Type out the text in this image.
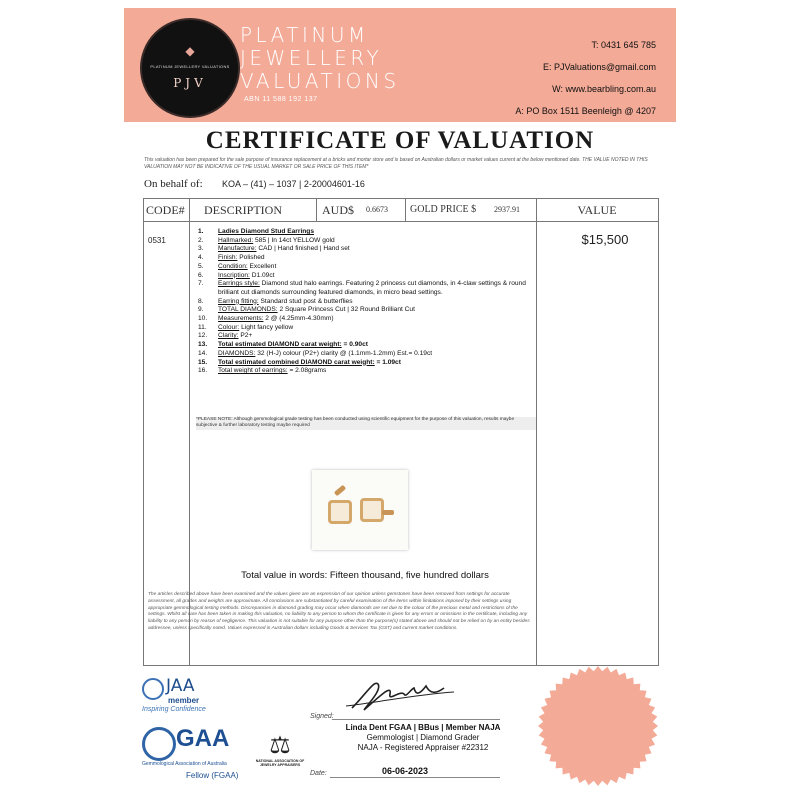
◆
PLATINUM JEWELLERY VALUATIONS
PJV
PLATINUM
JEWELLERY
VALUATIONS
ABN 11 588 192 137
T: 0431 645 785
E: PJValuations@gmail.com
W: www.bearbling.com.au
A: PO Box 1511 Beenleigh @ 4207
CERTIFICATE OF VALUATION
This valuation has been prepared for the sale purpose of insurance replacement at a bricks and mortar store and is based on Australian dollars or market values current at the below mentioned date. THE VALUE NOTED IN THIS VALUATION MAY NOT BE INDICATIVE OF THE USUAL MARKET OR SALE PRICE OF THIS ITEM*
On behalf of: KOA – (41) – 1037 | 2-20004601-16
CODE# DESCRIPTION	AUD$ 0.6673 GOLD PRICE $ 2937.91	VALUE
0531	$15,500
1.	Ladies Diamond Stud Earrings
2.	Hallmarked: 585 | In 14ct YELLOW gold
3.	Manufacture: CAD | Hand finished | Hand set
4.	Finish: Polished
5.	Condition: Excellent
6.	Inscription: D1.09ct
7.	Earrings style: Diamond stud halo earrings. Featuring 2 princess cut diamonds, in 4-claw settings & round brilliant cut diamonds surrounding featured diamonds, in micro bead settings.
8.	Earring fitting: Standard stud post & butterflies
9.	TOTAL DIAMONDS: 2 Square Princess Cut | 32 Round Brilliant Cut
10.	Measurements: 2 @ (4.25mm-4.30mm)
11.	Colour: Light fancy yellow
12.	Clarity: P2+
13.	Total estimated DIAMOND carat weight: = 0.90ct
14.	DIAMONDS: 32 (H-J) colour (P2+) clarity @ (1.1mm-1.2mm) Est.= 0.19ct
15.	Total estimated combined DIAMOND carat weight: = 1.09ct
16.	Total weight of earrings: = 2.08grams
*PLEASE NOTE: Although gemmological grade testing has been conducted using scientific equipment for the purpose of this valuation, results maybe subjective & further laboratory testing maybe required
Total value in words: Fifteen thousand, five hundred dollars
The articles described above have been examined and the values given are an expression of our opinion unless gemstones have been removed from settings for accurate assessment, all grades and weights are approximate. All conclusions are substantiated by careful examination of the items within limitations imposed by their settings using appropriate gemmological testing methods. Discrepancies in diamond grading may occur when diamonds are set due to the colour of the precious metal and restrictions of the settings. Whilst all care has been taken in making this valuation, no liability to any person to whom the certificate is given for any errors or omissions in the certificate, including any liability to any person by reason of negligence. This valuation is not suitable for any purpose other than the purpose(s) stated above and should not be relied on by an entity besides addressee, unless specifically noted. Values expressed in Australian dollars including Goods & Services Tax (GST) and current market conditions.
JAA
member
Inspiring Confidence
GAA
Gemmological Association of Australia
Fellow (FGAA)
⚖
NATIONAL ASSOCIATION OF JEWELRY APPRAISERS
Signed:
Linda Dent FGAA | BBus | Member NAJA
Gemmologist | Diamond Grader
NAJA - Registered Appraiser #22312
Date:	06-06-2023
